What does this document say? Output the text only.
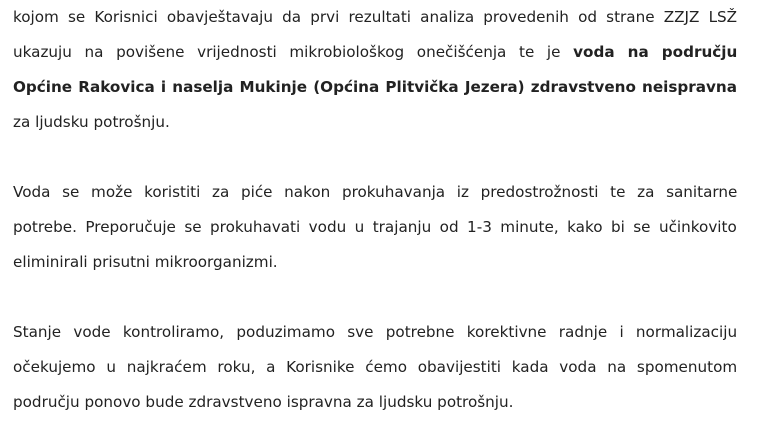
kojom se Korisnici obavještavaju da prvi rezultati analiza provedenih od strane ZZJZ LSŽ
ukazuju na povišene vrijednosti mikrobiološkog onečišćenja te je voda na području
Općine Rakovica i naselja Mukinje (Općina Plitvička Jezera) zdravstveno neispravna
za ljudsku potrošnju.

Voda se može koristiti za piće nakon prokuhavanja iz predostrožnosti te za sanitarne
potrebe. Preporučuje se prokuhavati vodu u trajanju od 1-3 minute, kako bi se učinkovito
eliminirali prisutni mikroorganizmi.

Stanje vode kontroliramo, poduzimamo sve potrebne korektivne radnje i normalizaciju
očekujemo u najkraćem roku, a Korisnike ćemo obavijestiti kada voda na spomenutom
području ponovo bude zdravstveno ispravna za ljudsku potrošnju.
